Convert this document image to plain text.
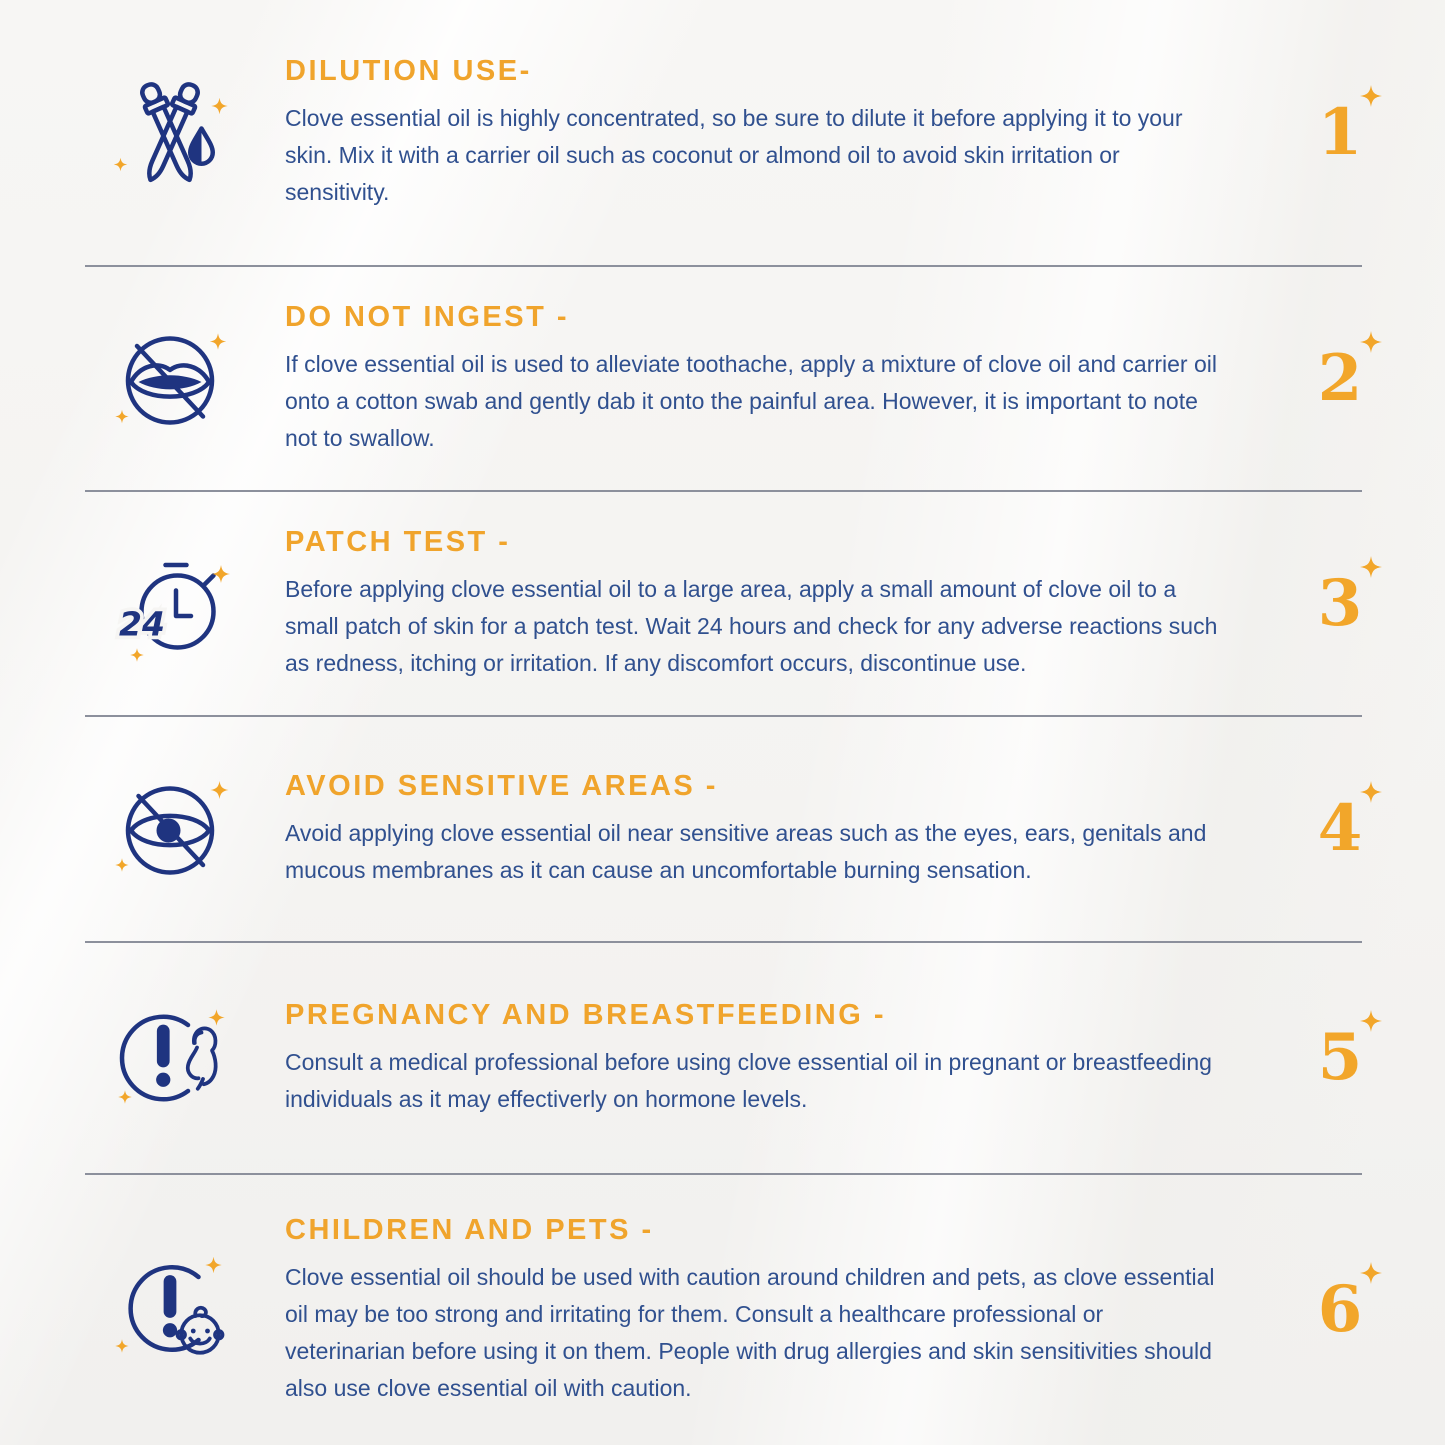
DILUTION USE-

Clove essential oil is highly concentrated, so be sure to dilute it before applying it to your skin. Mix it with a carrier oil such as coconut or almond oil to avoid skin irritation or sensitivity.

1
DO NOT INGEST -

If clove essential oil is used to alleviate toothache, apply a mixture of clove oil and carrier oil onto a cotton swab and gently dab it onto the painful area. However, it is important to note not to swallow.

2
24
PATCH TEST -

Before applying clove essential oil to a large area, apply a small amount of clove oil to a small patch of skin for a patch test. Wait 24 hours and check for any adverse reactions such as redness, itching or irritation. If any discomfort occurs, discontinue use.

3
AVOID SENSITIVE AREAS -

Avoid applying clove essential oil near sensitive areas such as the eyes, ears, genitals and mucous membranes as it can cause an uncomfortable burning sensation.

4
PREGNANCY AND BREASTFEEDING -

Consult a medical professional before using clove essential oil in pregnant or breastfeeding individuals as it may effectiverly on hormone levels.

5
CHILDREN AND PETS -

Clove essential oil should be used with caution around children and pets, as clove essential oil may be too strong and irritating for them. Consult a healthcare professional or veterinarian before using it on them. People with drug allergies and skin sensitivities should also use clove essential oil with caution.

6
